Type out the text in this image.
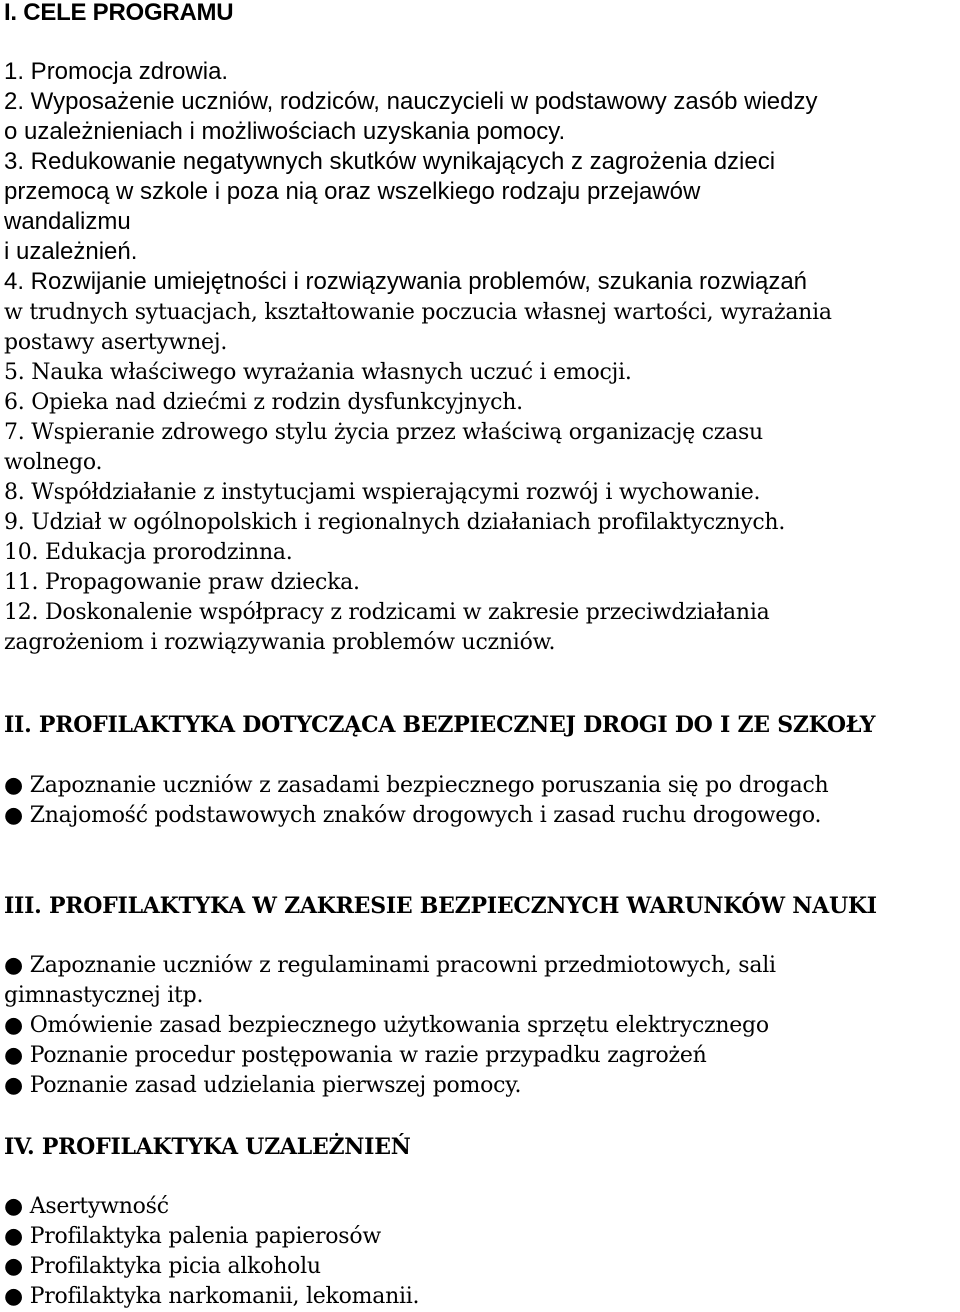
I. CELE PROGRAMU
1. Promocja zdrowia.
2. Wyposażenie uczniów, rodziców, nauczycieli w podstawowy zasób wiedzy
o uzależnieniach i możliwościach uzyskania pomocy.
3. Redukowanie negatywnych skutków wynikających z zagrożenia dzieci
przemocą w szkole i poza nią oraz wszelkiego rodzaju przejawów
wandalizmu
i uzależnień.
4. Rozwijanie umiejętności i rozwiązywania problemów, szukania rozwiązań
w trudnych sytuacjach, kształtowanie poczucia własnej wartości, wyrażania
postawy asertywnej.
5. Nauka właściwego wyrażania własnych uczuć i emocji.
6. Opieka nad dziećmi z rodzin dysfunkcyjnych.
7. Wspieranie zdrowego stylu życia przez właściwą organizację czasu
wolnego.
8. Współdziałanie z instytucjami wspierającymi rozwój i wychowanie.
9. Udział w ogólnopolskich i regionalnych działaniach profilaktycznych.
10. Edukacja prorodzinna.
11. Propagowanie praw dziecka.
12. Doskonalenie współpracy z rodzicami w zakresie przeciwdziałania
zagrożeniom i rozwiązywania problemów uczniów.
II. PROFILAKTYKA DOTYCZĄCA BEZPIECZNEJ DROGI DO I ZE SZKOŁY
● Zapoznanie uczniów z zasadami bezpiecznego poruszania się po drogach
● Znajomość podstawowych znaków drogowych i zasad ruchu drogowego.
III. PROFILAKTYKA W ZAKRESIE BEZPIECZNYCH WARUNKÓW NAUKI
● Zapoznanie uczniów z regulaminami pracowni przedmiotowych, sali
gimnastycznej itp.
● Omówienie zasad bezpiecznego użytkowania sprzętu elektrycznego
● Poznanie procedur postępowania w razie przypadku zagrożeń
● Poznanie zasad udzielania pierwszej pomocy.
IV. PROFILAKTYKA UZALEŻNIEŃ
● Asertywność
● Profilaktyka palenia papierosów
● Profilaktyka picia alkoholu
● Profilaktyka narkomanii, lekomanii.
